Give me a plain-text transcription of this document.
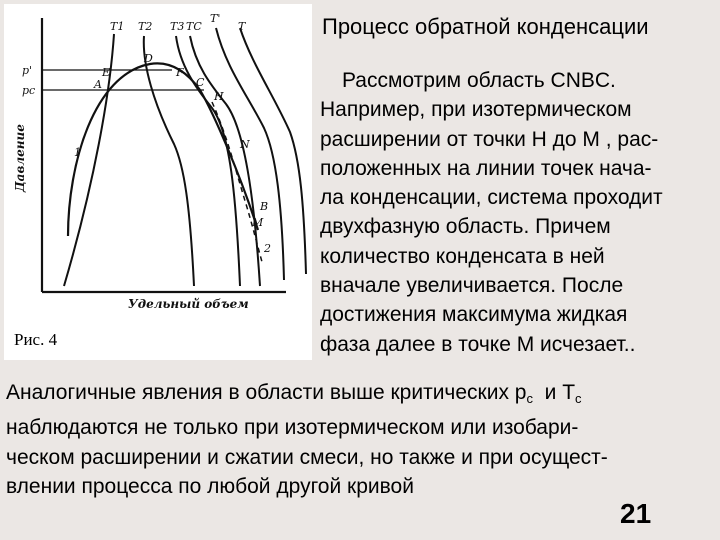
T1 T2 T3 TC
T'
T
p'
pc	A
E
D
F
C
H
N
B
M
1
2
Давление
Удельный объем
Рис. 4
Процесс обратной конденсации

Рассмотрим область CNBC.
Например, при изотермическом
расширении от точки H до M , рас-
положенных на линии точек нача-
ла конденсации, система проходит
двухфазную область. Причем
количество конденсата в ней
вначале увеличивается. После
достижения максимума жидкая
фаза далее в точке M исчезает..

Аналогичные явления в области выше критических $р_с$  и $Т_с$
наблюдаются не только при изотермическом или изобари-
ческом расширении и сжатии смеси, но также и при осущест-
влении процесса по любой другой кривой

21
